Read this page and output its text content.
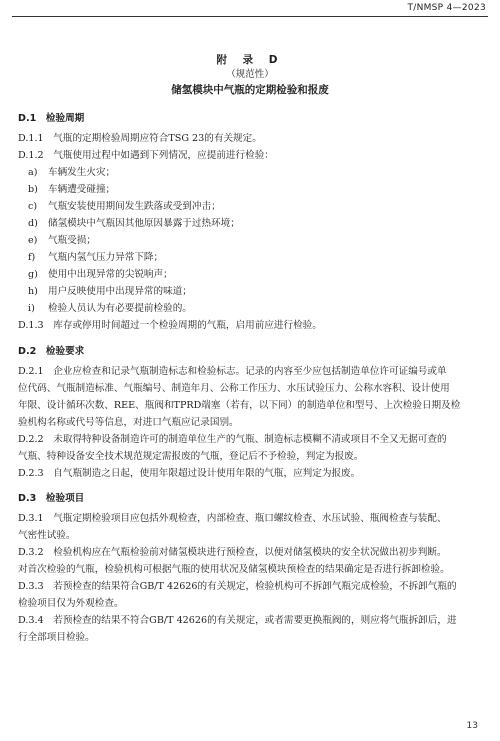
T/NMSP 4—2023
附 录 D
（规范性）
储氢模块中气瓶的定期检验和报废
D.1　检验周期
D.1.1　气瓶的定期检验周期应符合TSG 23的有关规定。
D.1.2　气瓶使用过程中如遇到下列情况，应提前进行检验：
a) 车辆发生火灾；
b) 车辆遭受碰撞；
c) 气瓶安装使用期间发生跌落或受到冲击；
d) 储氢模块中气瓶因其他原因暴露于过热环境；
e) 气瓶受损；
f) 气瓶内氢气压力异常下降；
g) 使用中出现异常的尖锐响声；
h) 用户反映使用中出现异常的味道；
i) 检验人员认为有必要提前检验的。
D.1.3　库存或停用时间超过一个检验周期的气瓶，启用前应进行检验。
D.2　检验要求
D.2.1　企业应检查和记录气瓶制造标志和检验标志。记录的内容至少应包括制造单位许可证编号或单
位代码、气瓶制造标准、气瓶编号、制造年月、公称工作压力、水压试验压力、公称水容积、设计使用
年限、设计循环次数、REE、瓶阀和TPRD端塞（若有，以下同）的制造单位和型号、上次检验日期及检
验机构名称或代号等信息，对进口气瓶应记录国别。
D.2.2　未取得特种设备制造许可的制造单位生产的气瓶、制造标志模糊不清或项目不全又无据可查的
气瓶、特种设备安全技术规范规定需报废的气瓶，登记后不予检验，判定为报废。
D.2.3　自气瓶制造之日起，使用年限超过设计使用年限的气瓶，应判定为报废。
D.3　检验项目
D.3.1　气瓶定期检验项目应包括外观检查，内部检查、瓶口螺纹检查、水压试验、瓶阀检查与装配、
气密性试验。
D.3.2　检验机构应在气瓶检验前对储氢模块进行预检查，以便对储氢模块的安全状况做出初步判断。
对首次检验的气瓶，检验机构可根据气瓶的使用状况及储氢模块预检查的结果确定是否进行拆卸检验。
D.3.3　若预检查的结果符合GB/T 42626的有关规定，检验机构可不拆卸气瓶完成检验，不拆卸气瓶的
检验项目仅为外观检查。
D.3.4　若预检查的结果不符合GB/T 42626的有关规定，或者需要更换瓶阀的，则应将气瓶拆卸后，进
行全部项目检验。
13
